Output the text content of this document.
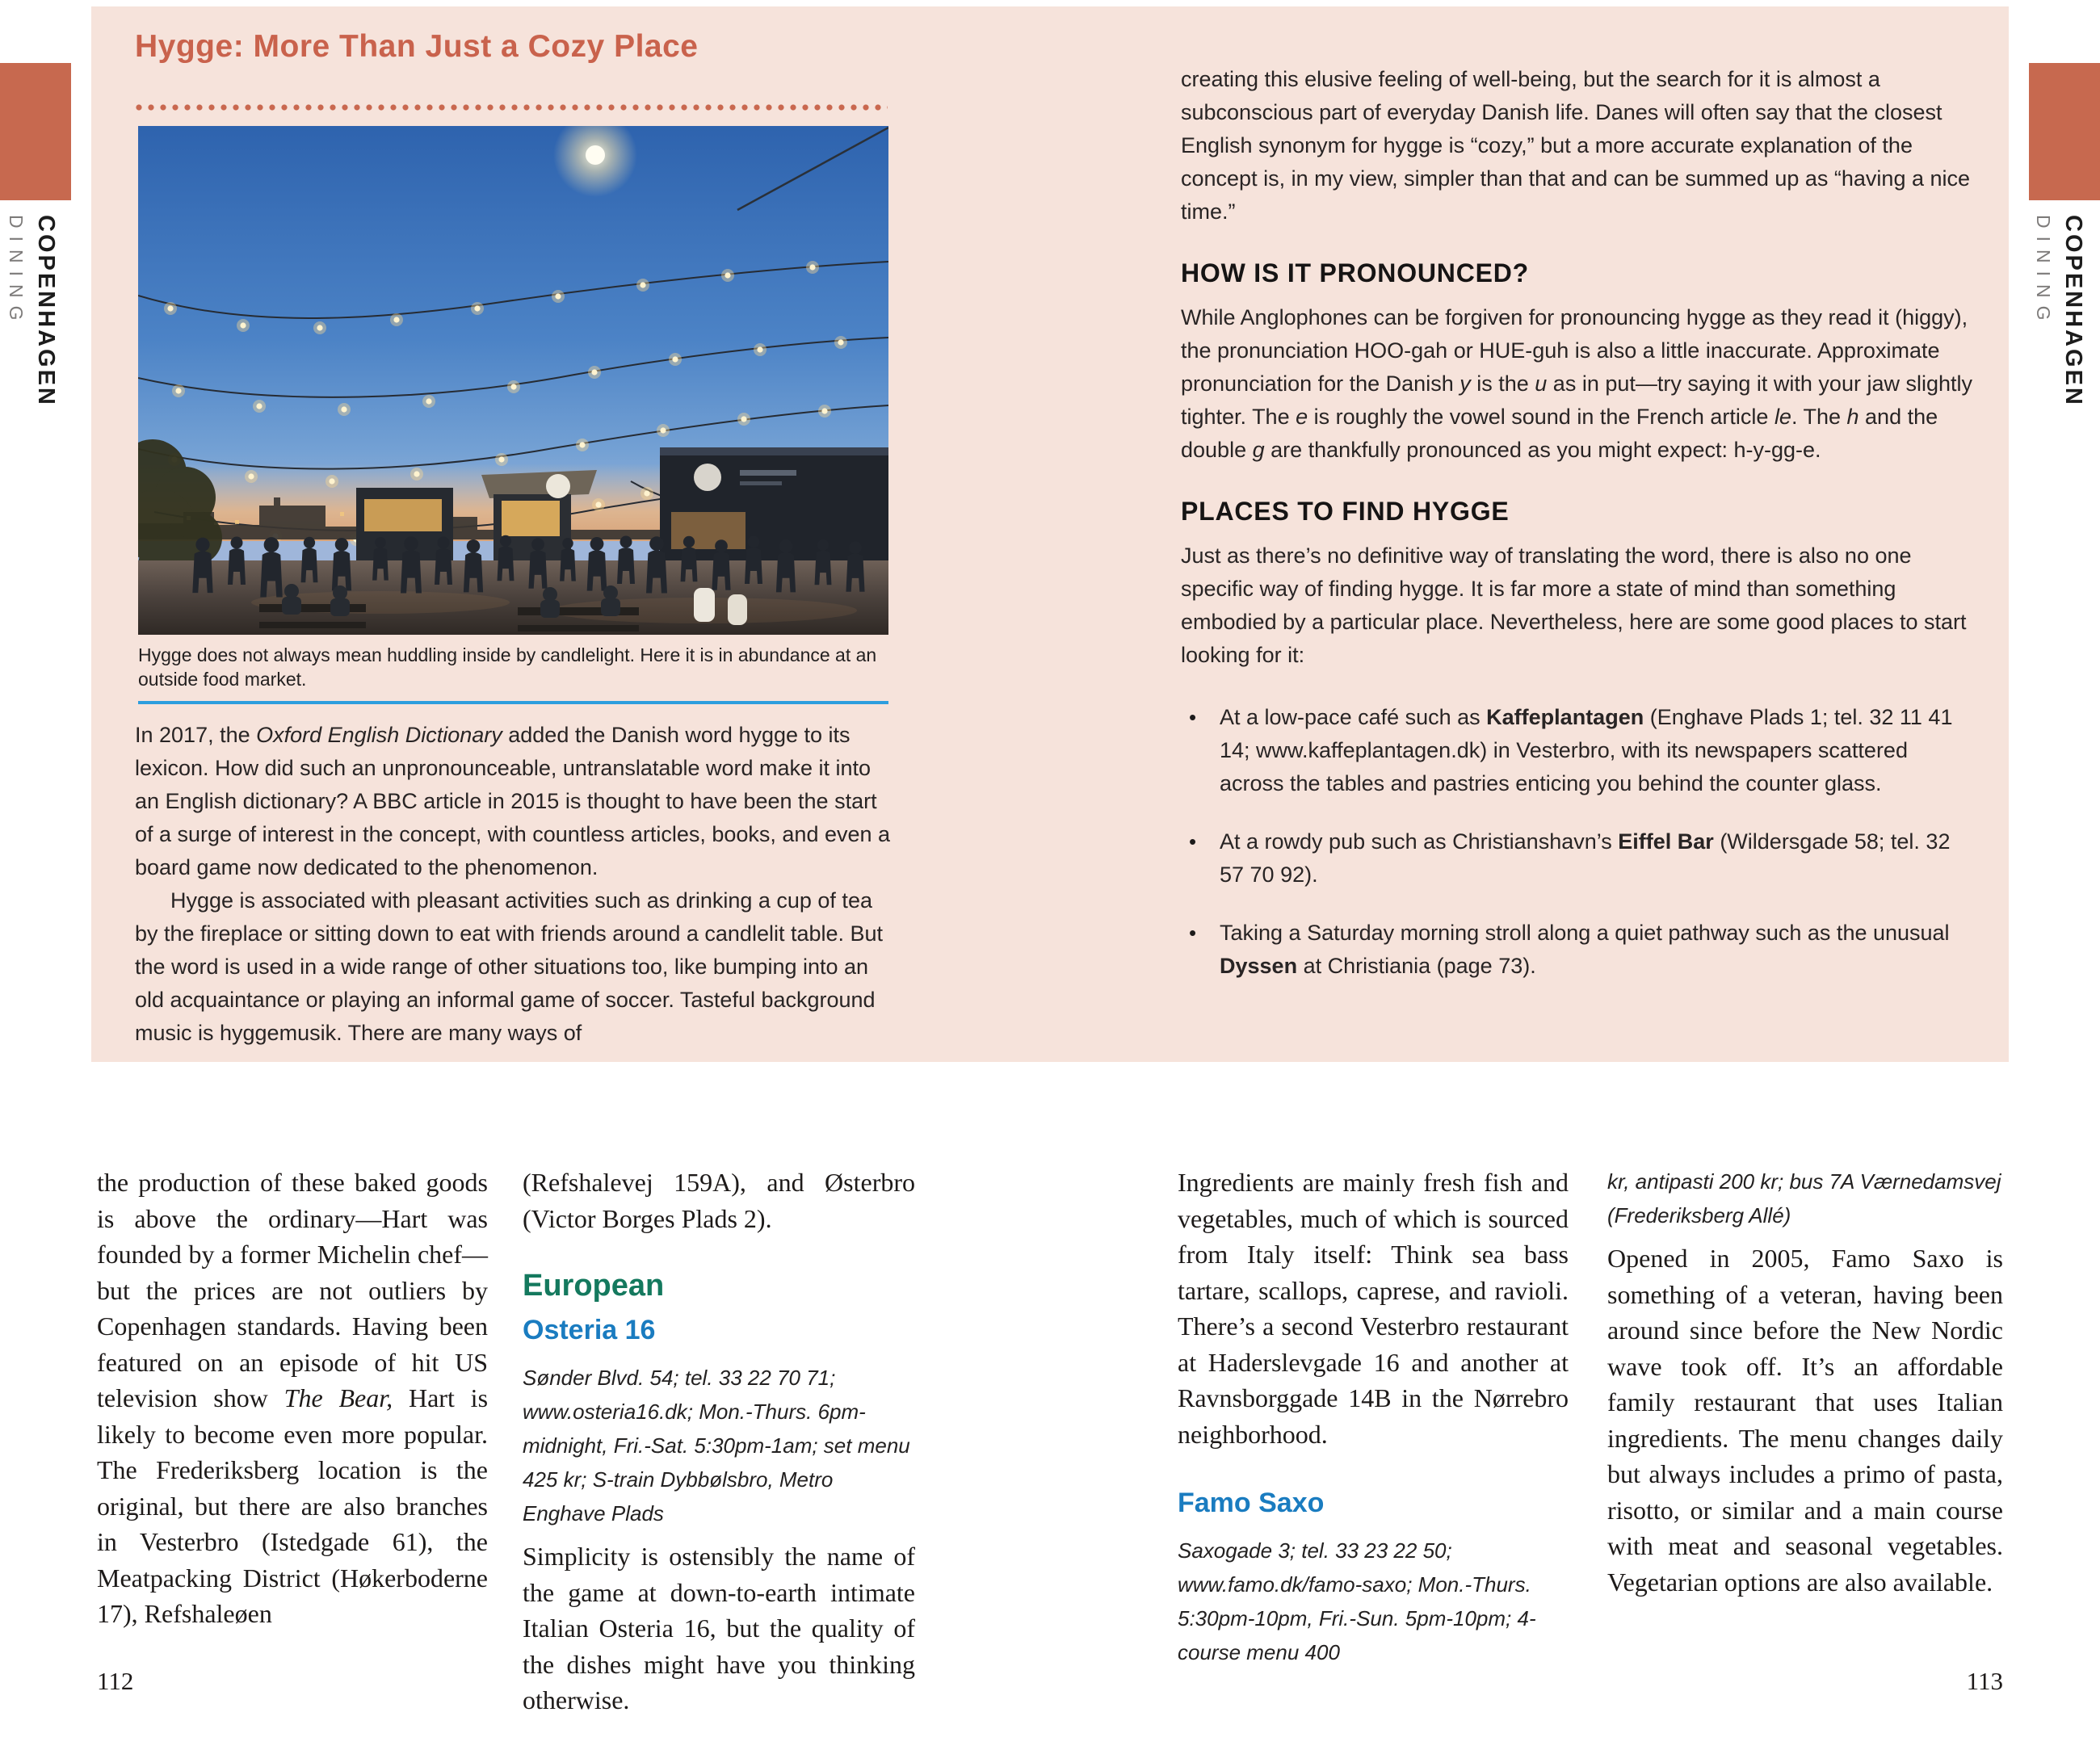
COPENHAGEN
DINING	COPENHAGEN
DINING
Hygge: More Than Just a Cozy Place

Hygge does not always mean huddling inside by candlelight. Here it is in abundance at an outside food market.

In 2017, the Oxford English Dictionary added the Danish word hygge to its lexicon. How did such an unpronounceable, untranslatable word make it into an English dictionary? A BBC article in 2015 is thought to have been the start of a surge of interest in the concept, with countless articles, books, and even a board game now dedicated to the phenomenon.

Hygge is associated with pleasant activities such as drinking a cup of tea by the fireplace or sitting down to eat with friends around a candlelit table. But the word is used in a wide range of other situations too, like bumping into an old acquaintance or playing an informal game of soccer. Tasteful background music is hyggemusik. There are many ways of

creating this elusive feeling of well-being, but the search for it is almost a subconscious part of everyday Danish life. Danes will often say that the closest English synonym for hygge is “cozy,” but a more accurate explanation of the concept is, in my view, simpler than that and can be summed up as “having a nice time.”

HOW IS IT PRONOUNCED?

While Anglophones can be forgiven for pronouncing hygge as they read it (higgy), the pronunciation HOO-gah or HUE-guh is also a little inaccurate. Approximate pronunciation for the Danish y is the u as in put—try saying it with your jaw slightly tighter. The e is roughly the vowel sound in the French article le. The h and the double g are thankfully pronounced as you might expect: h-y-gg-e.

PLACES TO FIND HYGGE

Just as there’s no definitive way of translating the word, there is also no one specific way of finding hygge. It is far more a state of mind than something embodied by a particular place. Nevertheless, here are some good places to start looking for it:

• At a low-pace café such as Kaffeplantagen (Enghave Plads 1; tel. 32 11 41 14; www.kaffeplantagen.dk) in Vesterbro, with its newspapers scattered across the tables and pastries enticing you behind the counter glass.
• At a rowdy pub such as Christianshavn’s Eiffel Bar (Wildersgade 58; tel. 32 57 70 92).
• Taking a Saturday morning stroll along a quiet pathway such as the unusual Dyssen at Christiania (page 73).

the production of these baked goods is above the ordinary—Hart was founded by a former Michelin chef—but the prices are not outliers by Copenhagen standards. Having been featured on an episode of hit US television show The Bear, Hart is likely to become even more popular. The Frederiksberg location is the original, but there are also branches in Vesterbro (Istedgade 61), the Meatpacking District (Høkerboderne 17), Refshaleøen

(Refshalevej 159A), and Østerbro (Victor Borges Plads 2).

European
Osteria 16

Sønder Blvd. 54; tel. 33 22 70 71; www.osteria16.dk; Mon.-Thurs. 6pm-midnight, Fri.-Sat. 5:30pm-1am; set menu 425 kr; S-train Dybbølsbro, Metro Enghave Plads

Simplicity is ostensibly the name of the game at down-to-earth intimate Italian Osteria 16, but the quality of the dishes might have you thinking otherwise.

Ingredients are mainly fresh fish and vegetables, much of which is sourced from Italy itself: Think sea bass tartare, scallops, caprese, and ravioli. There’s a second Vesterbro restaurant at Haderslevgade 16 and another at Ravnsborggade 14B in the Nørrebro neighborhood.

Famo Saxo

Saxogade 3; tel. 33 23 22 50; www.famo.dk/famo-saxo; Mon.-Thurs. 5:30pm-10pm, Fri.-Sun. 5pm-10pm; 4-course menu 400

kr, antipasti 200 kr; bus 7A Værnedamsvej (Frederiksberg Allé)

Opened in 2005, Famo Saxo is something of a veteran, having been around since before the New Nordic wave took off. It’s an affordable family restaurant that uses Italian ingredients. The menu changes daily but always includes a primo of pasta, risotto, or similar and a main course with meat and seasonal vegetables. Vegetarian options are also available.

112	113
